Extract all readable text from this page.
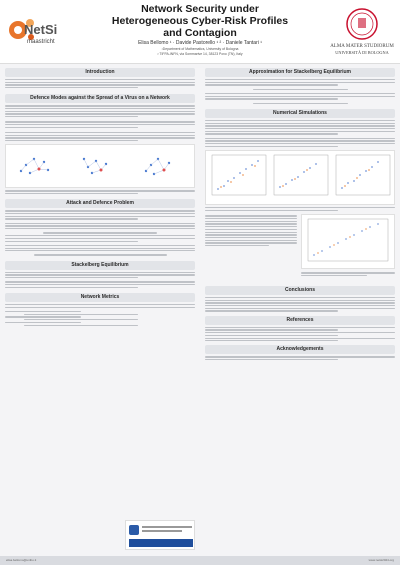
NetSi
maastricht
Network Security under
Heterogeneous Cyber-Risk Profiles
and Contagion
Elisa Bellomo ¹ · Davide Pastorello ¹ ² · Daniele Tantari ¹
¹Department of Mathematics, University of Bologna
² TIFPA-INFN, via Sommarive 14, 38123 Povo (TN), Italy
ALMA MATER STUDIORUM
UNIVERSITÀ DI BOLOGNA
Introduction
Defence Modes against the Spread of a Virus on a Network
Attack and Defence Problem
Stackelberg Equilibrium
Network Metrics
Approximation for Stackelberg Equilibrium
Numerical Simulations
Conclusions
References
Acknowledgements
elisa.bellomo@unibo.it	www.netsi2024.org
